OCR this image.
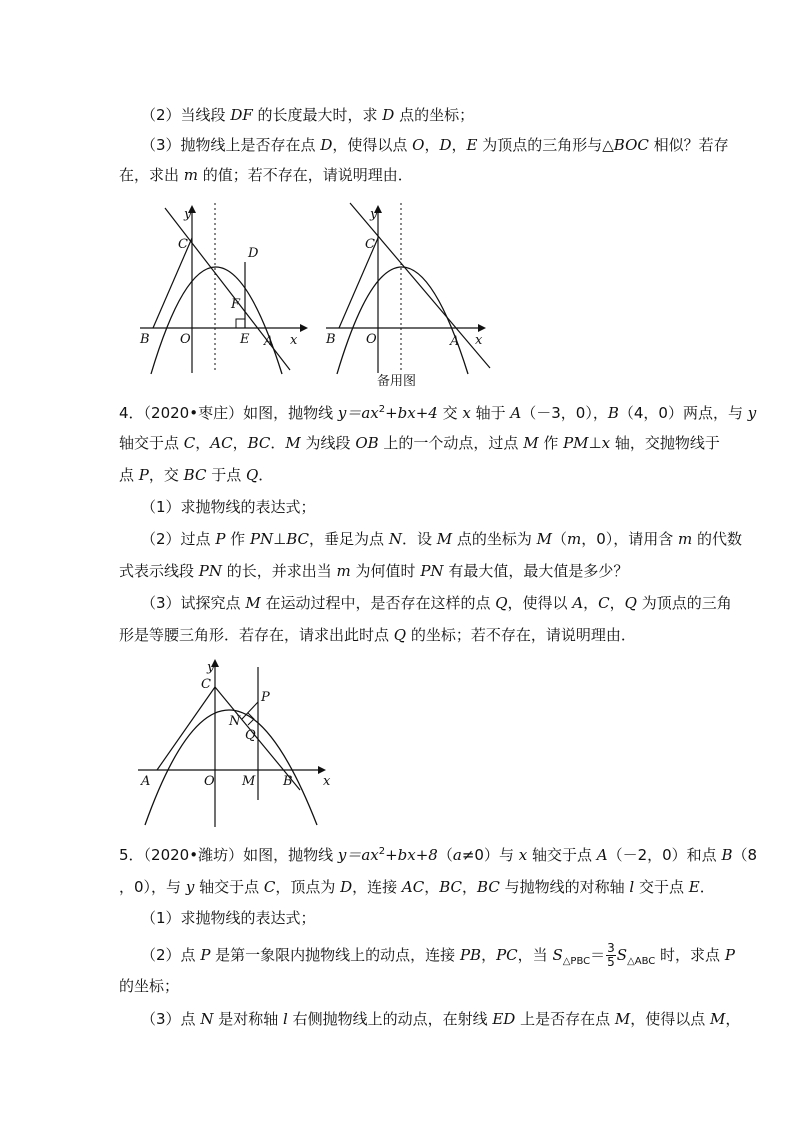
（2）当线段 DF 的长度最大时，求 D 点的坐标；
（3）抛物线上是否存在点 D，使得以点 O，D，E 为顶点的三角形与△BOC 相似？若存
在，求出 m 的值；若不存在，请说明理由．
y
x
C
D
F
B O	E A
y
x
C
B O	A
备用图
4．（2020•枣庄）如图，抛物线 $y=ax^2+bx+4$ 交 x 轴于 A（－3，0），B（4，0）两点，与 y
轴交于点 C，AC，BC．M 为线段 OB 上的一个动点，过点 M 作 PM⊥x 轴，交抛物线于
点 P，交 BC 于点 Q．
（1）求抛物线的表达式；
（2）过点 P 作 PN⊥BC，垂足为点 N．设 M 点的坐标为 M（m，0），请用含 m 的代数
式表示线段 PN 的长，并求出当 m 为何值时 PN 有最大值，最大值是多少？
（3）试探究点 M 在运动过程中，是否存在这样的点 Q，使得以 A，C，Q 为顶点的三角
形是等腰三角形．若存在，请求出此时点 Q 的坐标；若不存在，请说明理由．
y
x
C
P
N
Q
A	O M B
5．（2020•潍坊）如图，抛物线 $y=ax^2+bx+8(a\ne 0)$与 x 轴交于点 A（－2，0）和点 B（8
，0），与 y 轴交于点 C，顶点为 D，连接 AC，BC，BC 与抛物线的对称轴 l 交于点 E．
（1）求抛物线的表达式；
（2）点 P 是第一象限内抛物线上的动点，连接 PB，PC，当 $S_{\triangle PBC}= \frac{3}{5} S_{\triangle ABC}$ 时，求点 P
的坐标；
（3）点 N 是对称轴 l 右侧抛物线上的动点，在射线 ED 上是否存在点 M，使得以点 M，
